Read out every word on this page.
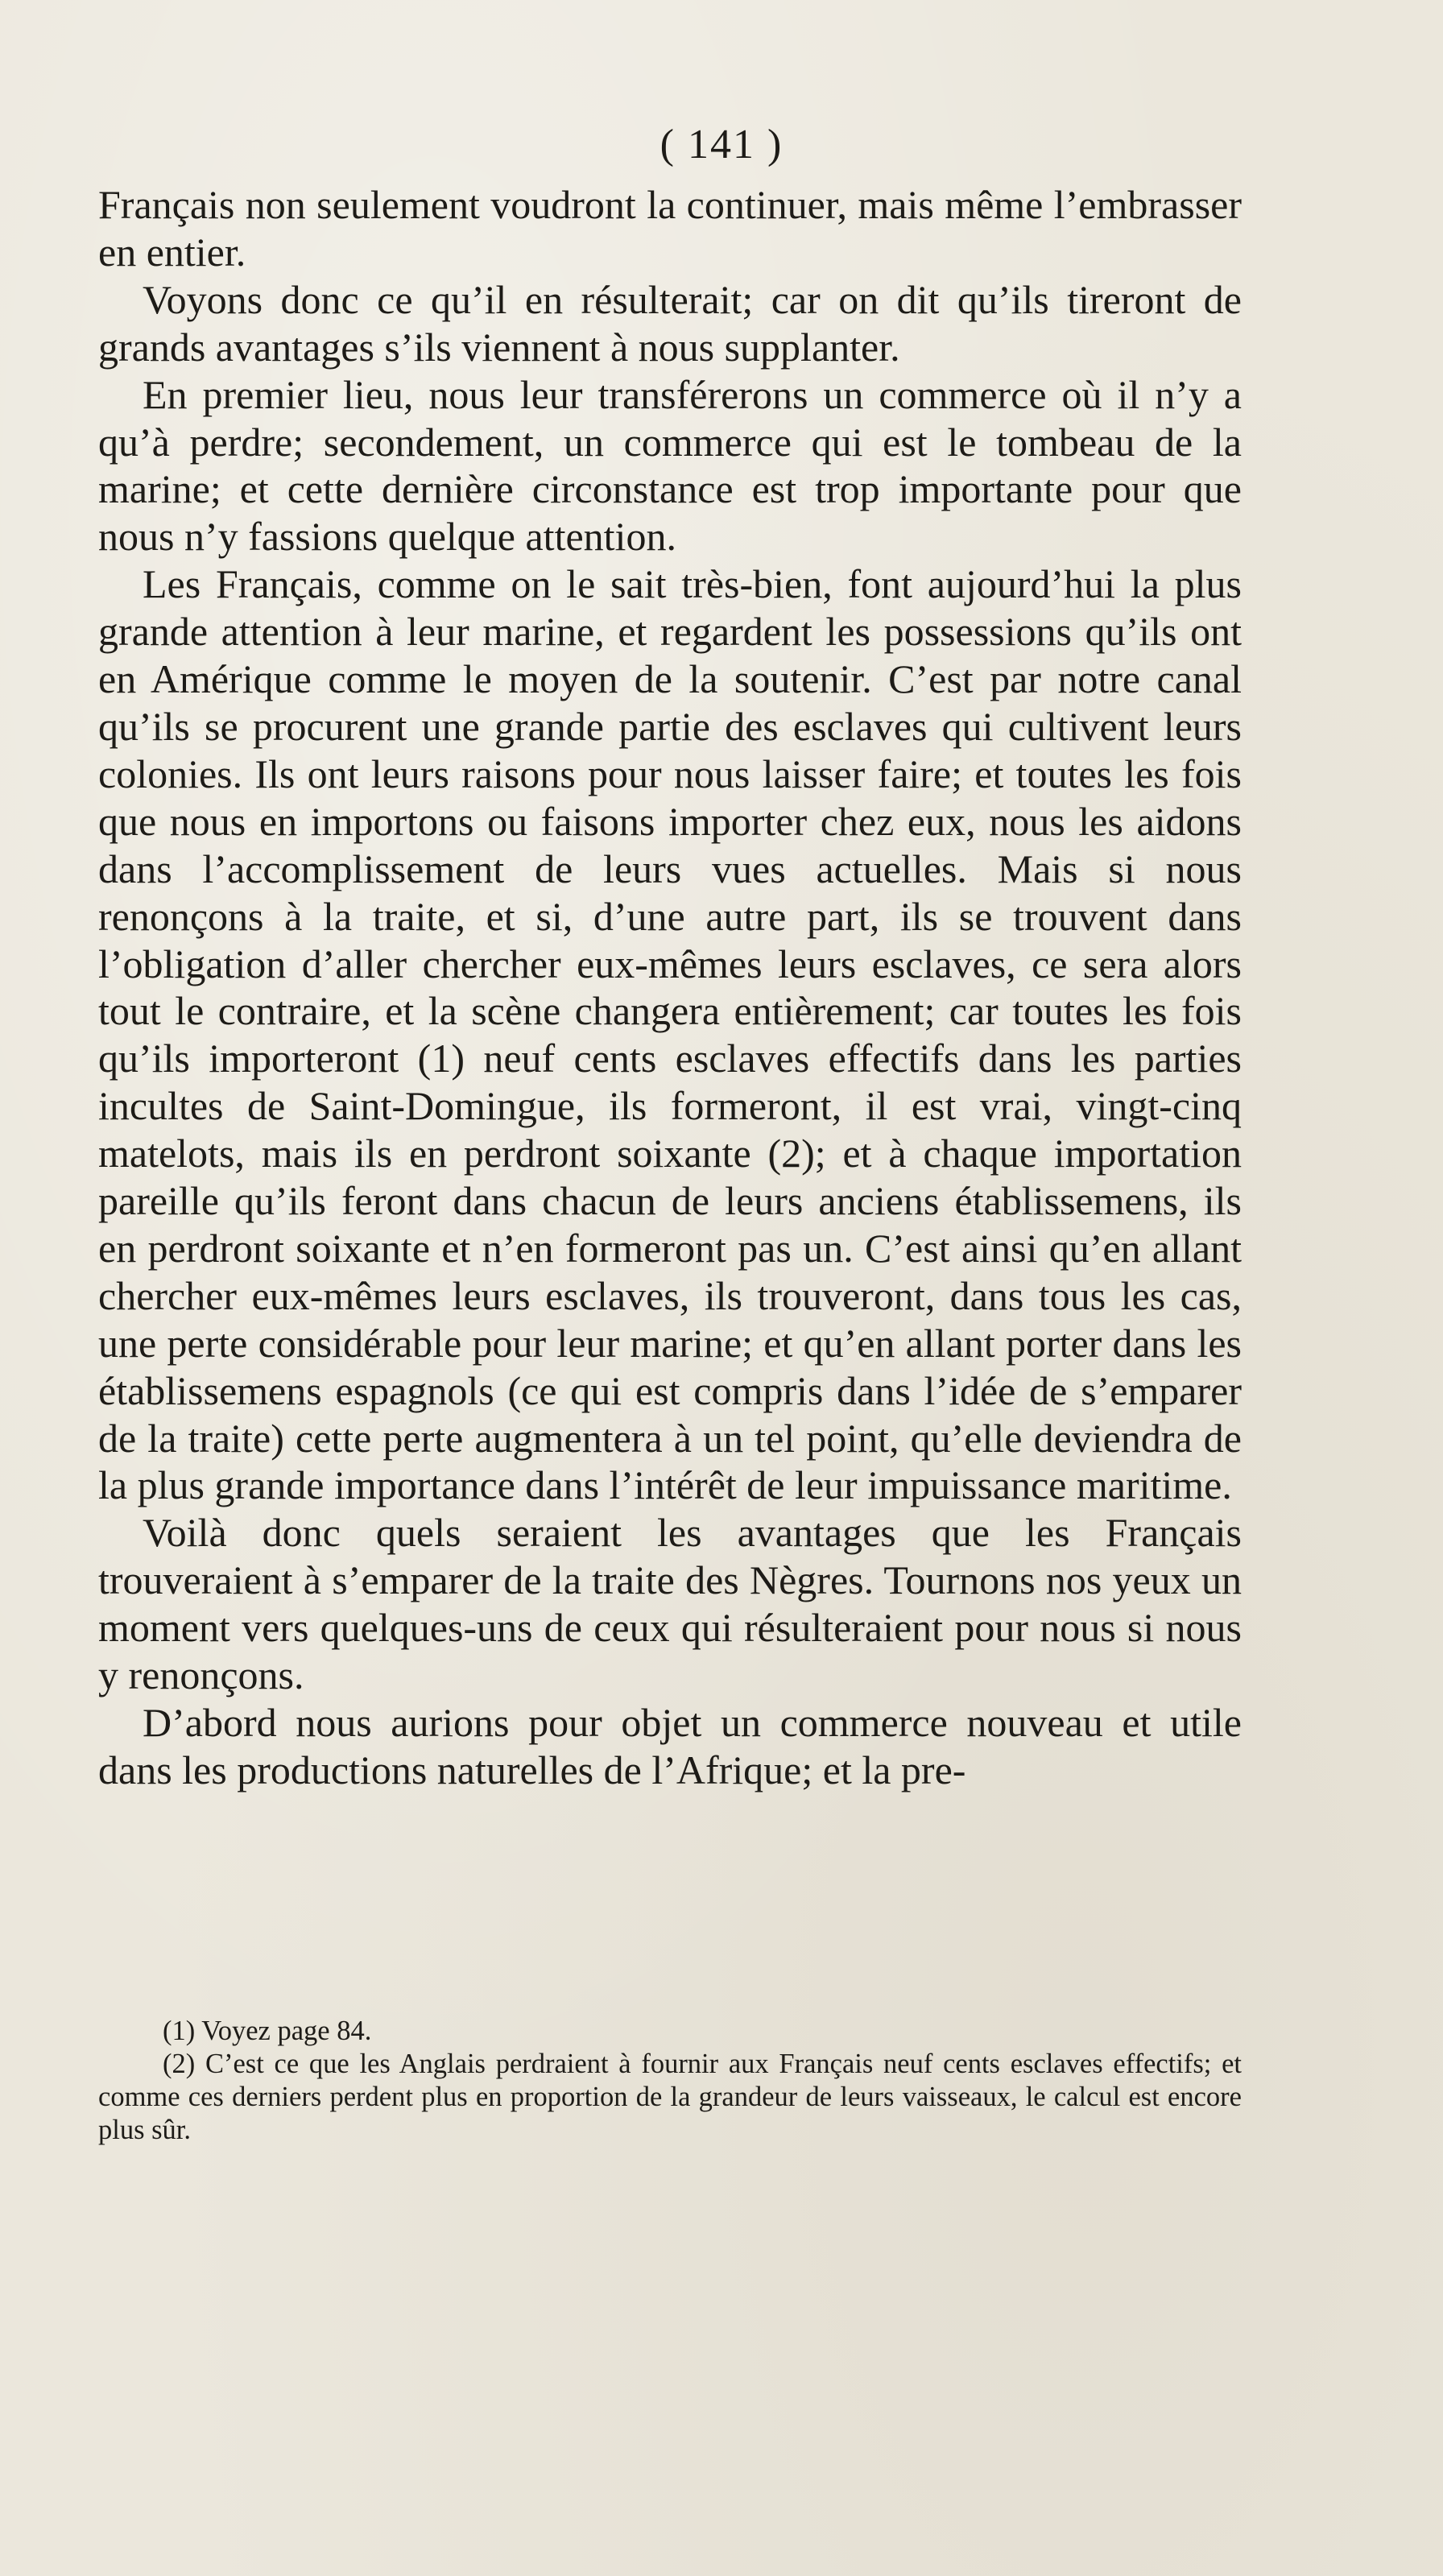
( 141 )

Français non seulement voudront la continuer, mais même l’embrasser en entier.

Voyons donc ce qu’il en résulterait; car on dit qu’ils tireront de grands avantages s’ils viennent à nous supplanter.

En premier lieu, nous leur transférerons un commerce où il n’y a qu’à perdre; secondement, un commerce qui est le tombeau de la marine; et cette dernière circonstance est trop importante pour que nous n’y fassions quelque attention.

Les Français, comme on le sait très-bien, font aujourd’hui la plus grande attention à leur marine, et regardent les possessions qu’ils ont en Amérique comme le moyen de la soutenir. C’est par notre canal qu’ils se procurent une grande partie des esclaves qui cultivent leurs colonies. Ils ont leurs raisons pour nous laisser faire; et toutes les fois que nous en importons ou faisons importer chez eux, nous les aidons dans l’accomplissement de leurs vues actuelles. Mais si nous renonçons à la traite, et si, d’une autre part, ils se trouvent dans l’obligation d’aller chercher eux-mêmes leurs esclaves, ce sera alors tout le contraire, et la scène changera entièrement; car toutes les fois qu’ils importeront (1) neuf cents esclaves effectifs dans les parties incultes de Saint-Domingue, ils formeront, il est vrai, vingt-cinq matelots, mais ils en perdront soixante (2); et à chaque importation pareille qu’ils feront dans chacun de leurs anciens établissemens, ils en perdront soixante et n’en formeront pas un. C’est ainsi qu’en allant chercher eux-mêmes leurs esclaves, ils trouveront, dans tous les cas, une perte considérable pour leur marine; et qu’en allant porter dans les établissemens espagnols (ce qui est compris dans l’idée de s’emparer de la traite) cette perte augmentera à un tel point, qu’elle deviendra de la plus grande importance dans l’intérêt de leur impuissance maritime.

Voilà donc quels seraient les avantages que les Français trouveraient à s’emparer de la traite des Nègres. Tournons nos yeux un moment vers quelques-uns de ceux qui résulteraient pour nous si nous y renonçons.

D’abord nous aurions pour objet un commerce nouveau et utile dans les productions naturelles de l’Afrique; et la pre-

(1) Voyez page 84.

(2) C’est ce que les Anglais perdraient à fournir aux Français neuf cents esclaves effectifs; et comme ces derniers perdent plus en proportion de la grandeur de leurs vaisseaux, le calcul est encore plus sûr.
